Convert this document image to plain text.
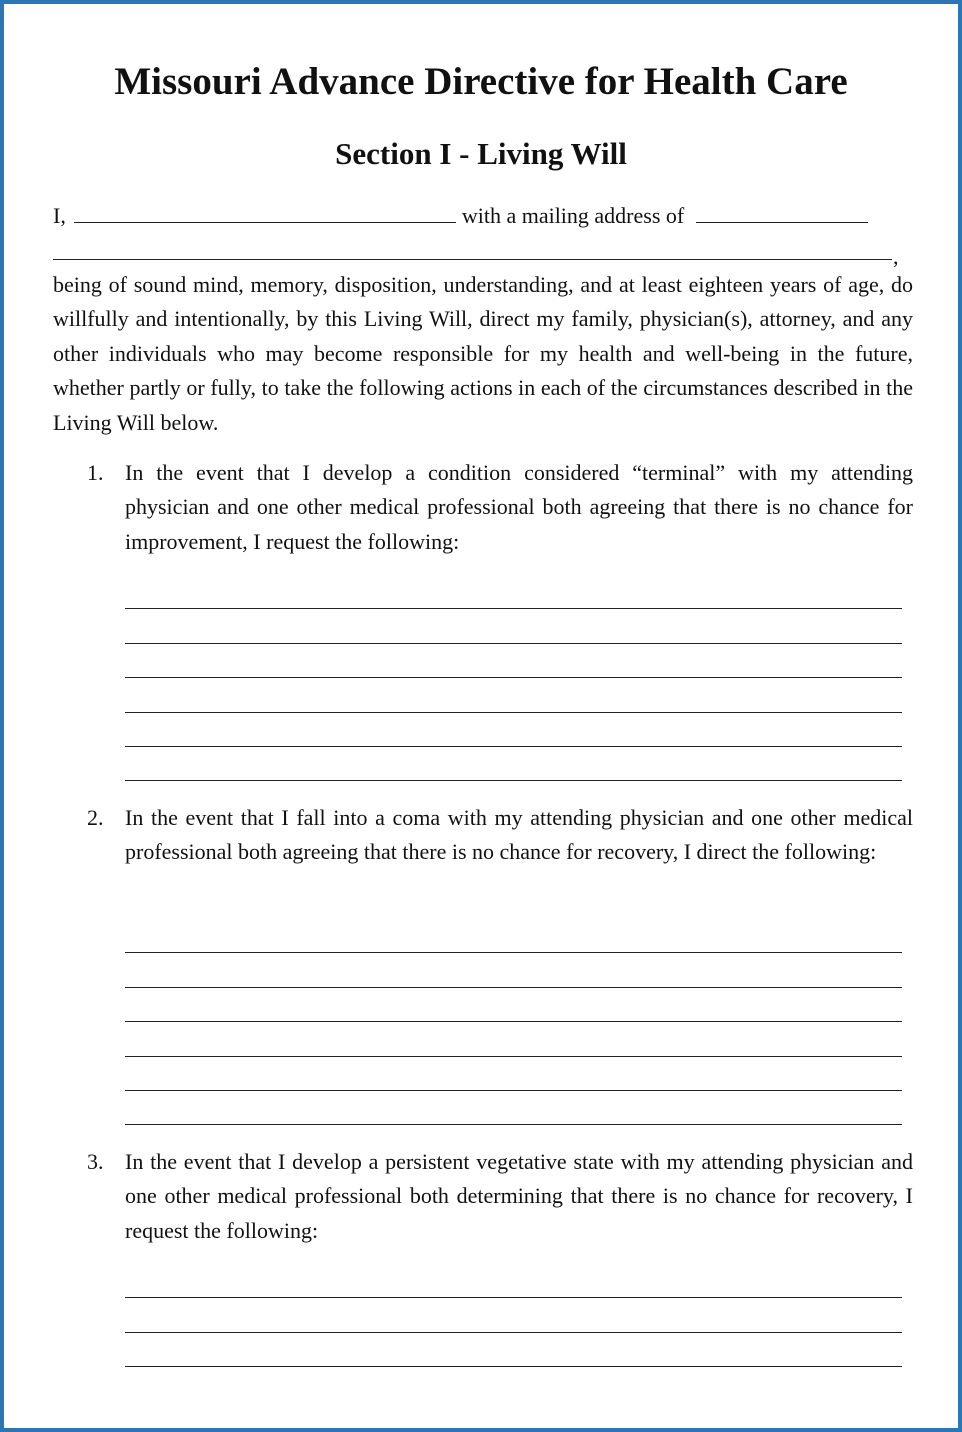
Missouri Advance Directive for Health Care
Section I - Living Will
I,	with a mailing address of
,

being of sound mind, memory, disposition, understanding, and at least eighteen years of age, do willfully and intentionally, by this Living Will, direct my family, physician(s), attorney, and any other individuals who may become responsible for my health and well-being in the future, whether partly or fully, to take the following actions in each of the circumstances described in the Living Will below.

1. In the event that I develop a condition considered “terminal” with my attending physician and one other medical professional both agreeing that there is no chance for improvement, I request the following:

2. In the event that I fall into a coma with my attending physician and one other medical professional both agreeing that there is no chance for recovery, I direct the following:

3. In the event that I develop a persistent vegetative state with my attending physician and one other medical professional both determining that there is no chance for recovery, I request the following:
